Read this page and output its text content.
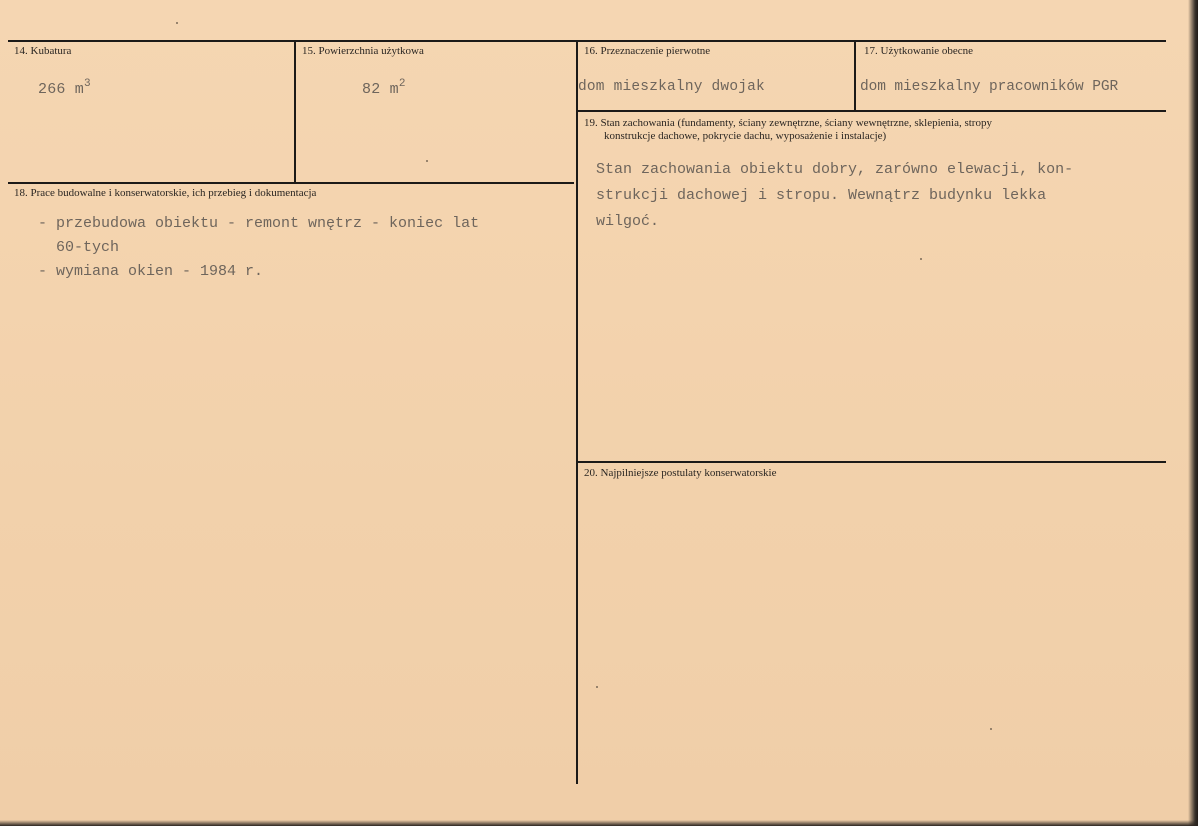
14. Kubatura
266 $m^3$
15. Powierzchnia użytkowa
82 $m^2$
16. Przeznaczenie pierwotne
dom mieszkalny dwojak
17. Użytkowanie obecne
dom mieszkalny pracowników PGR
18. Prace budowalne i konserwatorskie, ich przebieg i dokumentacja
- przebudowa obiektu - remont wnętrz - koniec lat
60-tych
- wymiana okien - 1984 r.
19. Stan zachowania (fundamenty, ściany zewnętrzne, ściany wewnętrzne, sklepienia, stropy
konstrukcje dachowe, pokrycie dachu, wyposażenie i instalacje)
Stan zachowania obiektu dobry, zarówno elewacji, kon-
strukcji dachowej i stropu. Wewnątrz budynku lekka
wilgoć.
20. Najpilniejsze postulaty konserwatorskie
